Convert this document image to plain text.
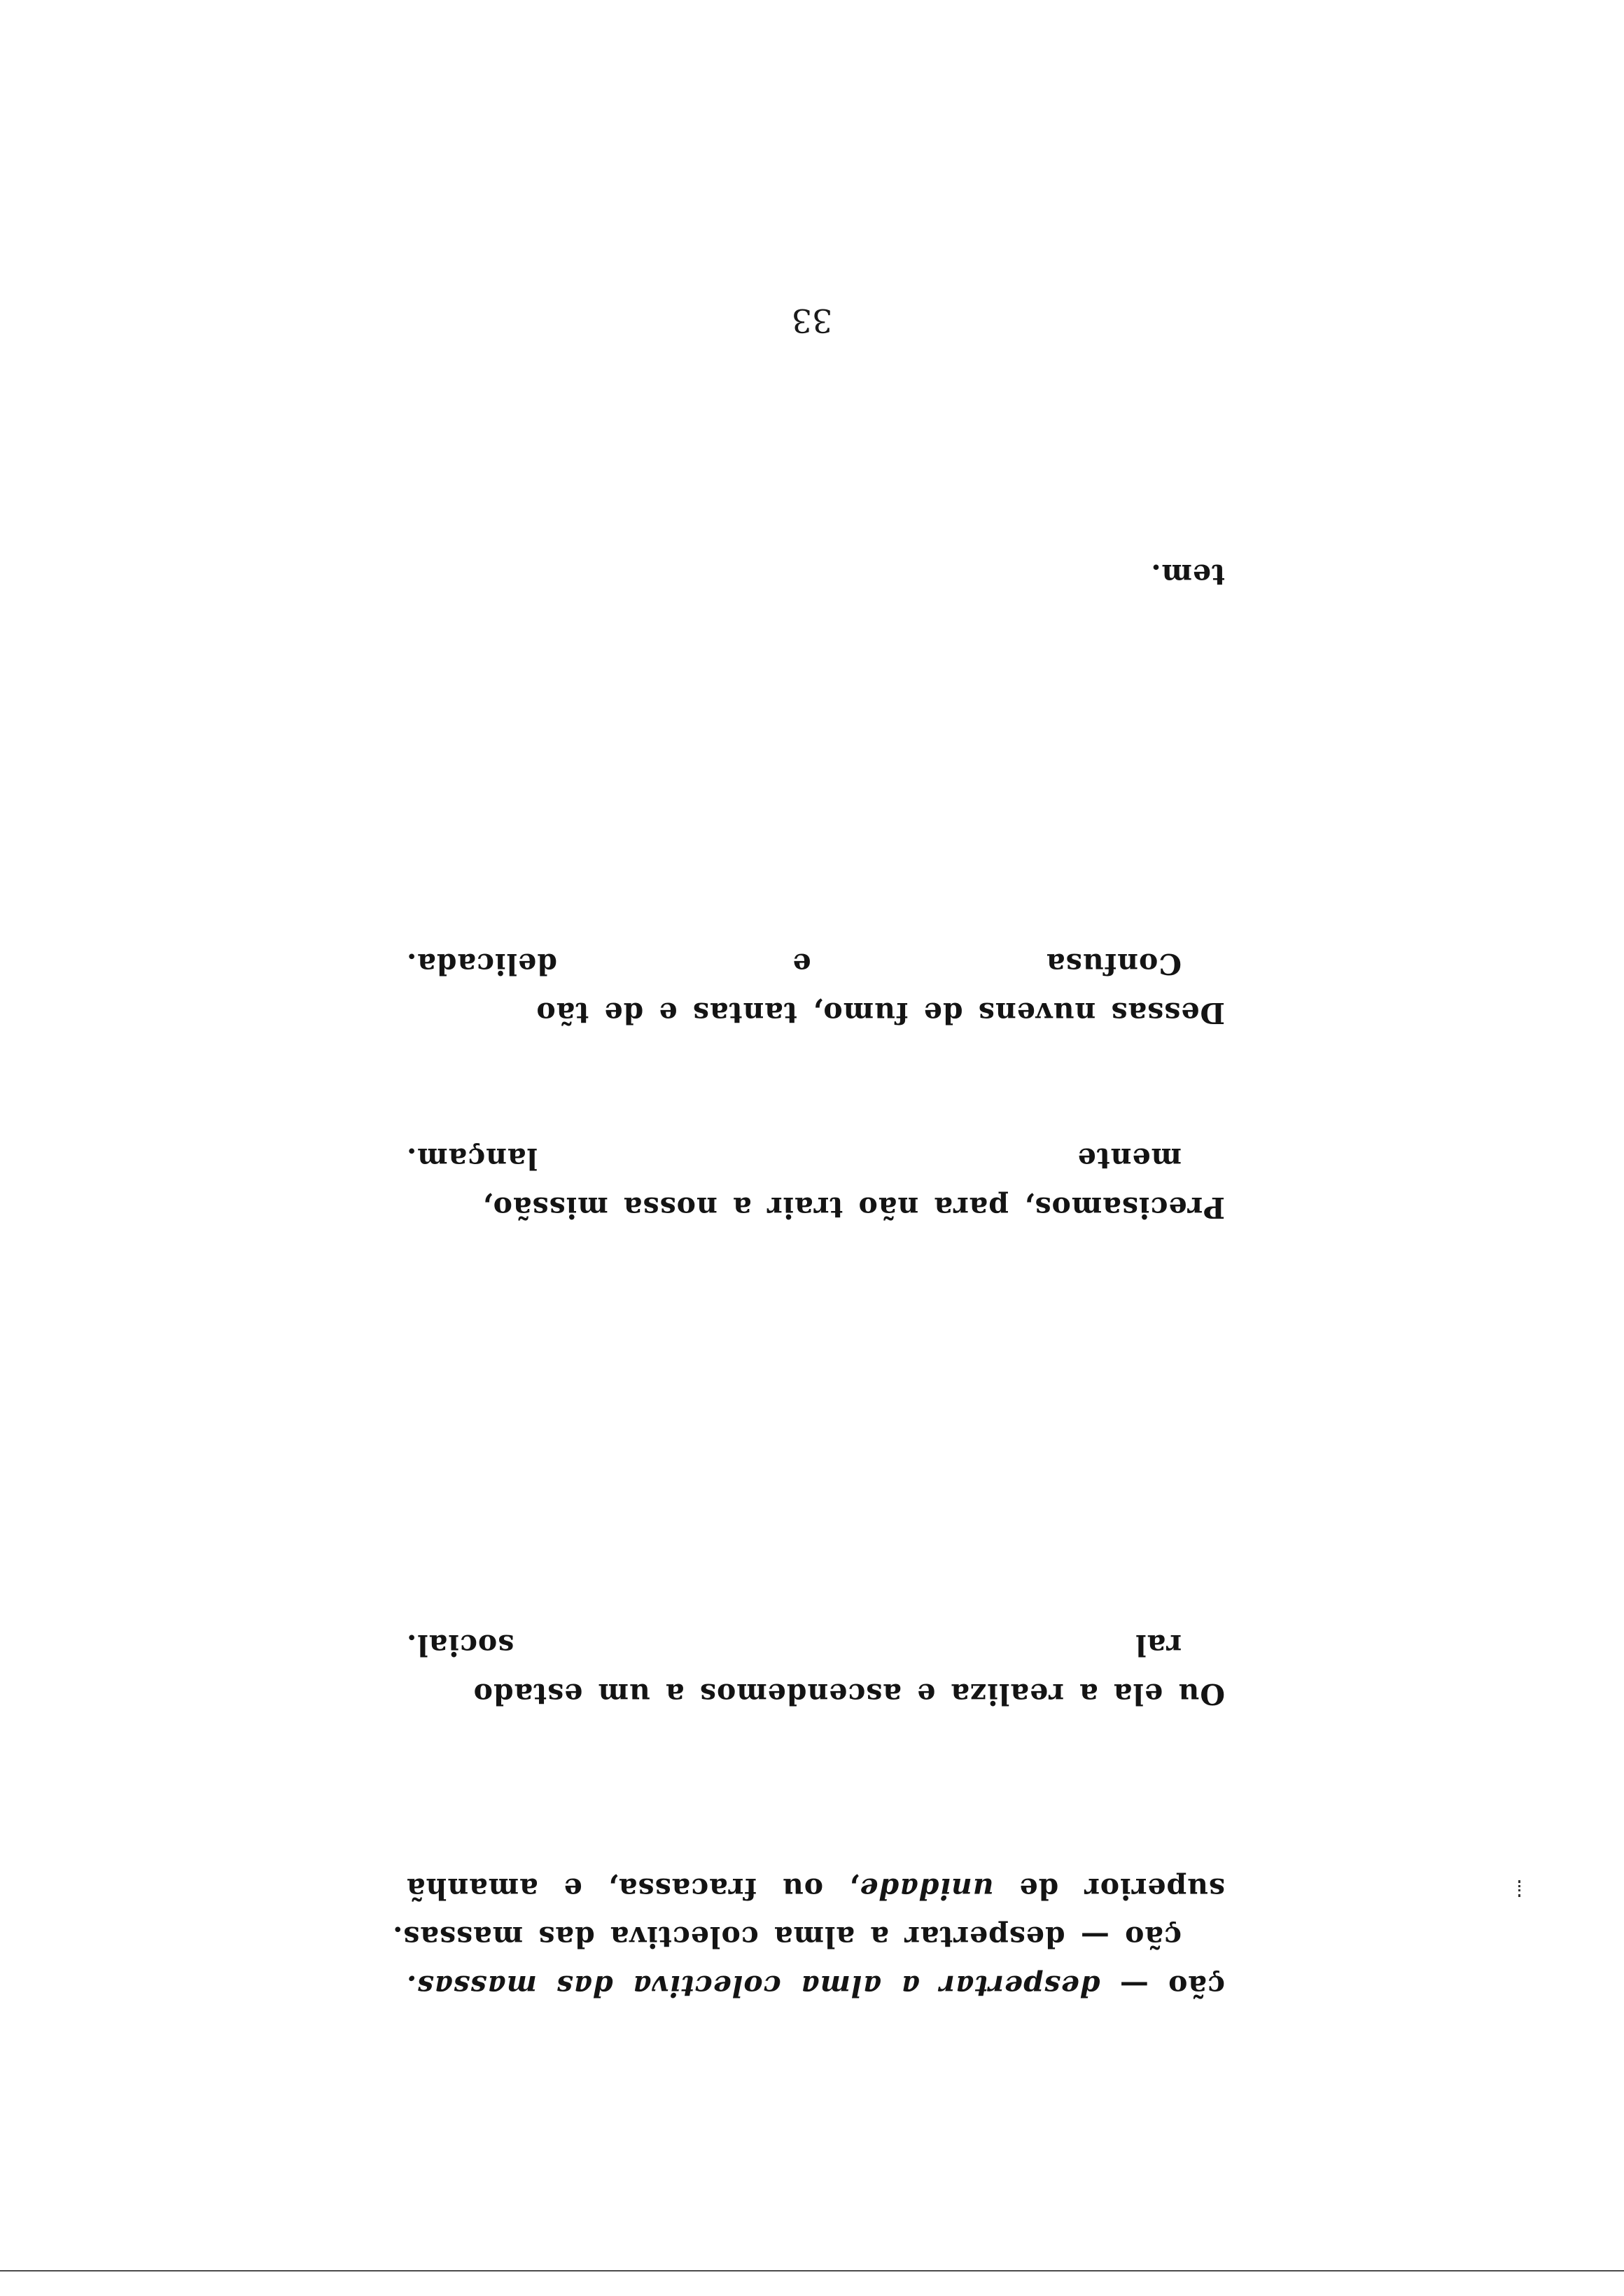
33
ção — despertar a alma colectiva das massas.
ção — despertar a alma colectiva das massas.
superior de unidade, ou fracassa, e amanhã
Ou ela a realiza e ascendemos a um estado
ral social.
Precisamos, para não trair a nossa missão,
mente lançam.
Dessas nuvens de fumo, tantas e de tão
Confusa e delicada.
tem.
